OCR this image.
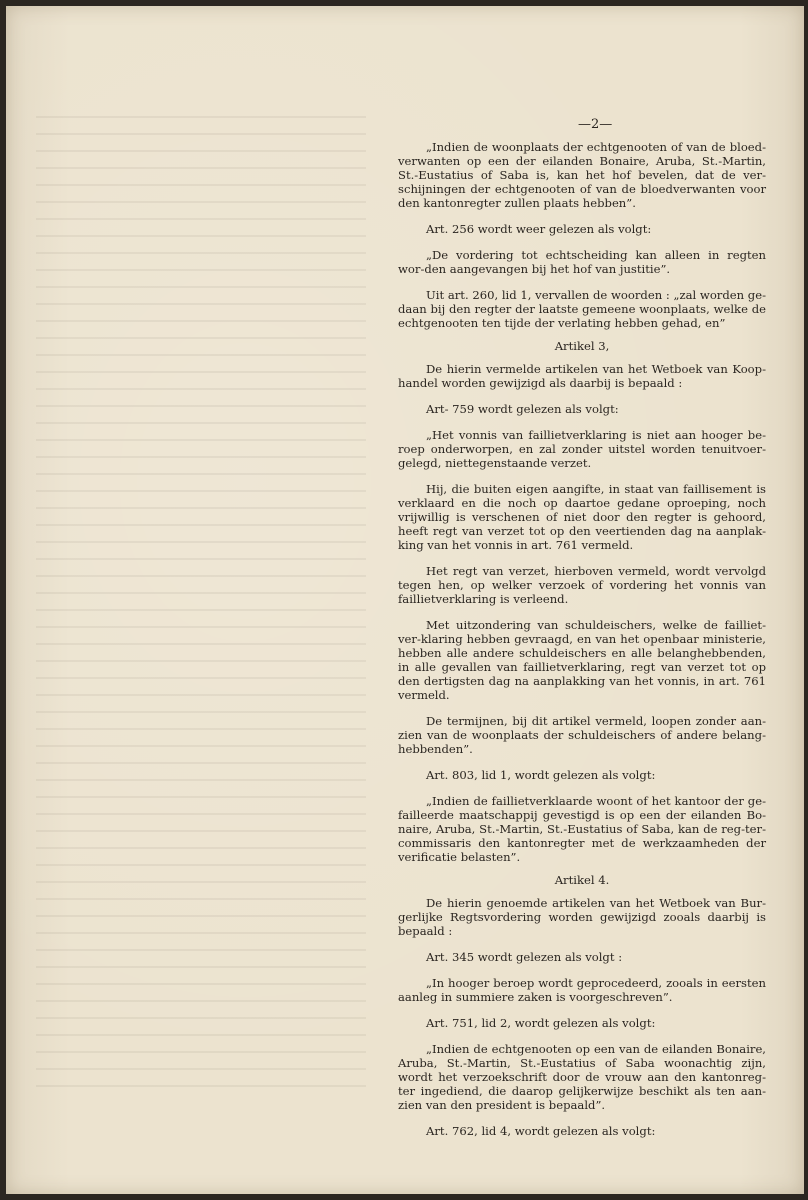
—2—

„Indien de woonplaats der echtgenooten of van de bloed-verwanten op een der eilanden Bonaire, Aruba, St.-Martin, St.-Eustatius of Saba is, kan het hof bevelen, dat de ver-schijningen der echtgenooten of van de bloedverwanten voor den kantonregter zullen plaats hebben”.

Art. 256 wordt weer gelezen als volgt:

„De vordering tot echtscheiding kan alleen in regten wor-den aangevangen bij het hof van justitie”.

Uit art. 260, lid 1, vervallen de woorden : „zal worden ge-daan bij den regter der laatste gemeene woonplaats, welke de echtgenooten ten tijde der verlating hebben gehad, en”

Artikel 3,

De hierin vermelde artikelen van het Wetboek van Koop-handel worden gewijzigd als daarbij is bepaald :

Art- 759 wordt gelezen als volgt:

„Het vonnis van faillietverklaring is niet aan hooger be-roep onderworpen, en zal zonder uitstel worden tenuitvoer-gelegd, niettegenstaande verzet.

Hij, die buiten eigen aangifte, in staat van faillisement is verklaard en die noch op daartoe gedane oproeping, noch vrijwillig is verschenen of niet door den regter is gehoord, heeft regt van verzet tot op den veertienden dag na aanplak-king van het vonnis in art. 761 vermeld.

Het regt van verzet, hierboven vermeld, wordt vervolgd tegen hen, op welker verzoek of vordering het vonnis van faillietverklaring is verleend.

Met uitzondering van schuldeischers, welke de faillietver-klaring hebben gevraagd, en van het openbaar ministerie, hebben alle andere schuldeischers en alle belanghebbenden, in alle gevallen van faillietverklaring, regt van verzet tot op den dertigsten dag na aanplakking van het vonnis, in art. 761 vermeld.

De termijnen, bij dit artikel vermeld, loopen zonder aan-zien van de woonplaats der schuldeischers of andere belang-hebbenden”.

Art. 803, lid 1, wordt gelezen als volgt:

„Indien de faillietverklaarde woont of het kantoor der ge-failleerde maatschappij gevestigd is op een der eilanden Bo-naire, Aruba, St.-Martin, St.-Eustatius of Saba, kan de reg-ter-commissaris den kantonregter met de werkzaamheden der verificatie belasten”.

Artikel 4.

De hierin genoemde artikelen van het Wetboek van Bur-gerlijke Regtsvordering worden gewijzigd zooals daarbij is bepaald :

Art. 345 wordt gelezen als volgt :

„In hooger beroep wordt geprocedeerd, zooals in eersten aanleg in summiere zaken is voorgeschreven”.

Art. 751, lid 2, wordt gelezen als volgt:

„Indien de echtgenooten op een van de eilanden Bonaire, Aruba, St.-Martin, St.-Eustatius of Saba woonachtig zijn, wordt het verzoekschrift door de vrouw aan den kantonreg-ter ingediend, die daarop gelijkerwijze beschikt als ten aan-zien van den president is bepaald”.

Art. 762, lid 4, wordt gelezen als volgt:
